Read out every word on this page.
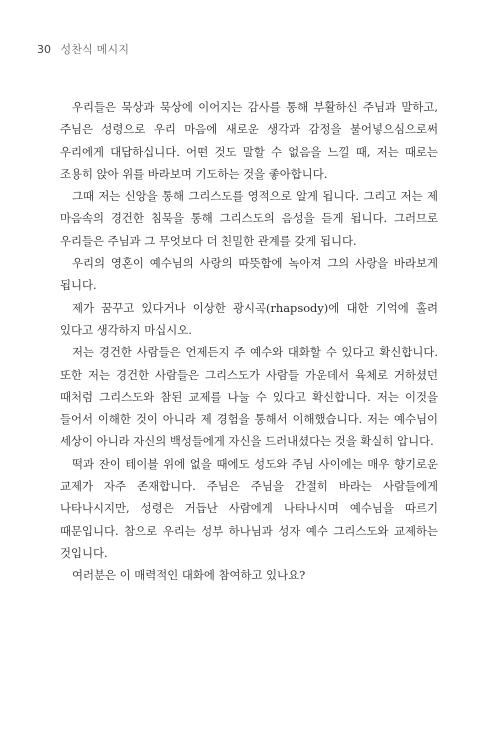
30 성찬식 메시지

우리들은 묵상과 묵상에 이어지는 감사를 통해 부활하신 주님과 말하고, 주님은 성령으로 우리 마음에 새로운 생각과 감정을 불어넣으심으로써 우리에게 대답하십니다. 어떤 것도 말할 수 없음을 느낄 때, 저는 때로는 조용히 앉아 위를 바라보며 기도하는 것을 좋아합니다.

그때 저는 신앙을 통해 그리스도를 영적으로 알게 됩니다. 그리고 저는 제 마음속의 경건한 침묵을 통해 그리스도의 음성을 듣게 됩니다. 그러므로 우리들은 주님과 그 무엇보다 더 친밀한 관계를 갖게 됩니다.

우리의 영혼이 예수님의 사랑의 따뜻함에 녹아져 그의 사랑을 바라보게 됩니다.

제가 꿈꾸고 있다거나 이상한 광시곡(rhapsody)에 대한 기억에 홀려 있다고 생각하지 마십시오.

저는 경건한 사람들은 언제든지 주 예수와 대화할 수 있다고 확신합니다. 또한 저는 경건한 사람들은 그리스도가 사람들 가운데서 육체로 거하셨던 때처럼 그리스도와 참된 교제를 나눌 수 있다고 확신합니다. 저는 이것을 들어서 이해한 것이 아니라 제 경험을 통해서 이해했습니다. 저는 예수님이 세상이 아니라 자신의 백성들에게 자신을 드러내셨다는 것을 확실히 압니다.

떡과 잔이 테이블 위에 없을 때에도 성도와 주님 사이에는 매우 향기로운 교제가 자주 존재합니다. 주님은 주님을 간절히 바라는 사람들에게 나타나시지만, 성령은 거듭난 사람에게 나타나시며 예수님을 따르기 때문입니다. 참으로 우리는 성부 하나님과 성자 예수 그리스도와 교제하는 것입니다.

여러분은 이 매력적인 대화에 참여하고 있나요?
